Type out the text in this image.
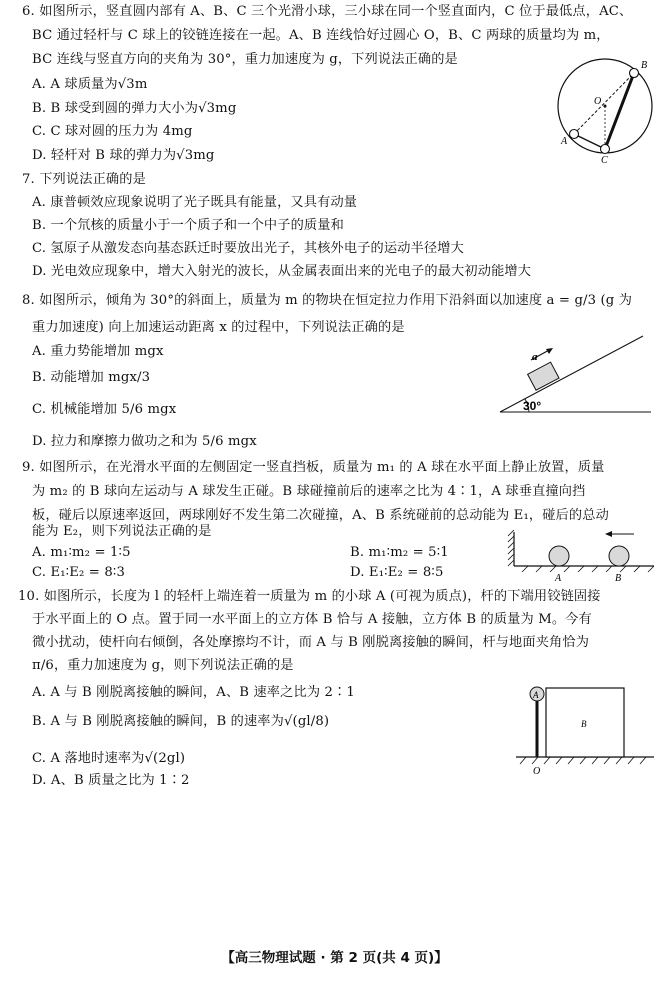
6. 如图所示，竖直圆内部有 A、B、C 三个光滑小球，三小球在同一个竖直面内，C 位于最低点，AC、
BC 通过轻杆与 C 球上的铰链连接在一起。A、B 连线恰好过圆心 O，B、C 两球的质量均为 m，
BC 连线与竖直方向的夹角为 30°，重力加速度为 g，下列说法正确的是
A. A 球质量为√3m
B. B 球受到圆的弹力大小为√3mg
C. C 球对圆的压力为 4mg
D. 轻杆对 B 球的弹力为√3mg
B
O
A
C
7. 下列说法正确的是
A. 康普顿效应现象说明了光子既具有能量，又具有动量
B. 一个氘核的质量小于一个质子和一个中子的质量和
C. 氢原子从激发态向基态跃迁时要放出光子，其核外电子的运动半径增大
D. 光电效应现象中，增大入射光的波长，从金属表面出来的光电子的最大初动能增大
8. 如图所示，倾角为 30°的斜面上，质量为 m 的物块在恒定拉力作用下沿斜面以加速度 a = g/3 (g 为
重力加速度) 向上加速运动距离 x 的过程中，下列说法正确的是
A. 重力势能增加 mgx
B. 动能增加 mgx/3
C. 机械能增加 5/6 mgx
D. 拉力和摩擦力做功之和为 5/6 mgx
a
30°
9. 如图所示，在光滑水平面的左侧固定一竖直挡板，质量为 m₁ 的 A 球在水平面上静止放置，质量
为 m₂ 的 B 球向左运动与 A 球发生正碰。B 球碰撞前后的速率之比为 4∶1，A 球垂直撞向挡
板，碰后以原速率返回，两球刚好不发生第二次碰撞，A、B 系统碰前的总动能为 E₁，碰后的总动
能为 E₂，则下列说法正确的是
A. m₁∶m₂ = 1∶5	B. m₁∶m₂ = 5∶1
C. E₁∶E₂ = 8∶3	D. E₁∶E₂ = 8∶5	A	B
10. 如图所示，长度为 l 的轻杆上端连着一质量为 m 的小球 A (可视为质点)，杆的下端用铰链固接
于水平面上的 O 点。置于同一水平面上的立方体 B 恰与 A 接触，立方体 B 的质量为 M。今有
微小扰动，使杆向右倾倒，各处摩擦均不计，而 A 与 B 刚脱离接触的瞬间，杆与地面夹角恰为
π/6，重力加速度为 g，则下列说法正确的是
A. A 与 B 刚脱离接触的瞬间，A、B 速率之比为 2∶1
B. A 与 B 刚脱离接触的瞬间，B 的速率为√(gl/8)
C. A 落地时速率为√(2gl)
D. A、B 质量之比为 1∶2
A
B
O
【高三物理试题 · 第 2 页(共 4 页)】
